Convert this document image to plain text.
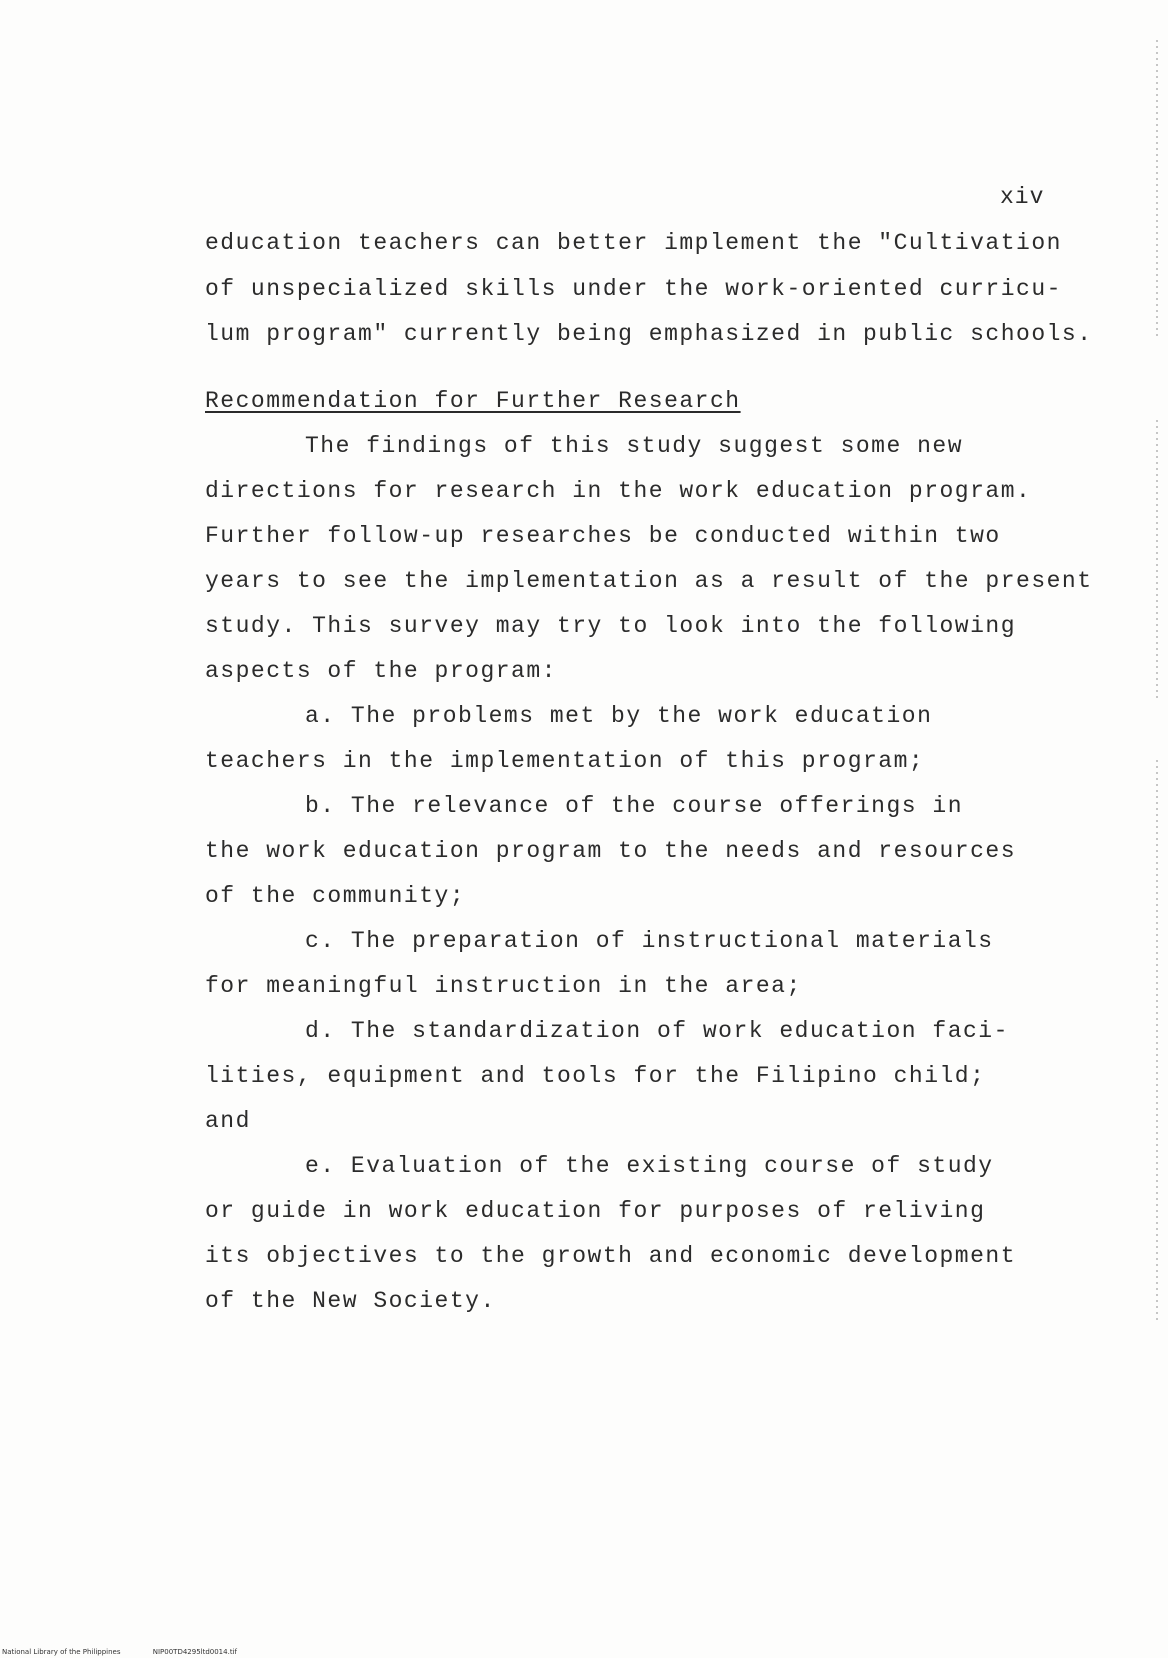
xiv
education teachers can better implement the "Cultivation
of unspecialized skills under the work-oriented curricu-
lum program" currently being emphasized in public schools.
Recommendation for Further Research
The findings of this study suggest some new
directions for research in the work education program.
Further follow-up researches be conducted within two
years to see the implementation as a result of the present
study. This survey may try to look into the following
aspects of the program:
a. The problems met by the work education
teachers in the implementation of this program;
b. The relevance of the course offerings in
the work education program to the needs and resources
of the community;
c. The preparation of instructional materials
for meaningful instruction in the area;
d. The standardization of work education faci-
lities, equipment and tools for the Filipino child;
and
e. Evaluation of the existing course of study
or guide in work education for purposes of reliving
its objectives to the growth and economic development
of the New Society.
National Library of the Philippines	NIP00TD4295ltd0014.tif
